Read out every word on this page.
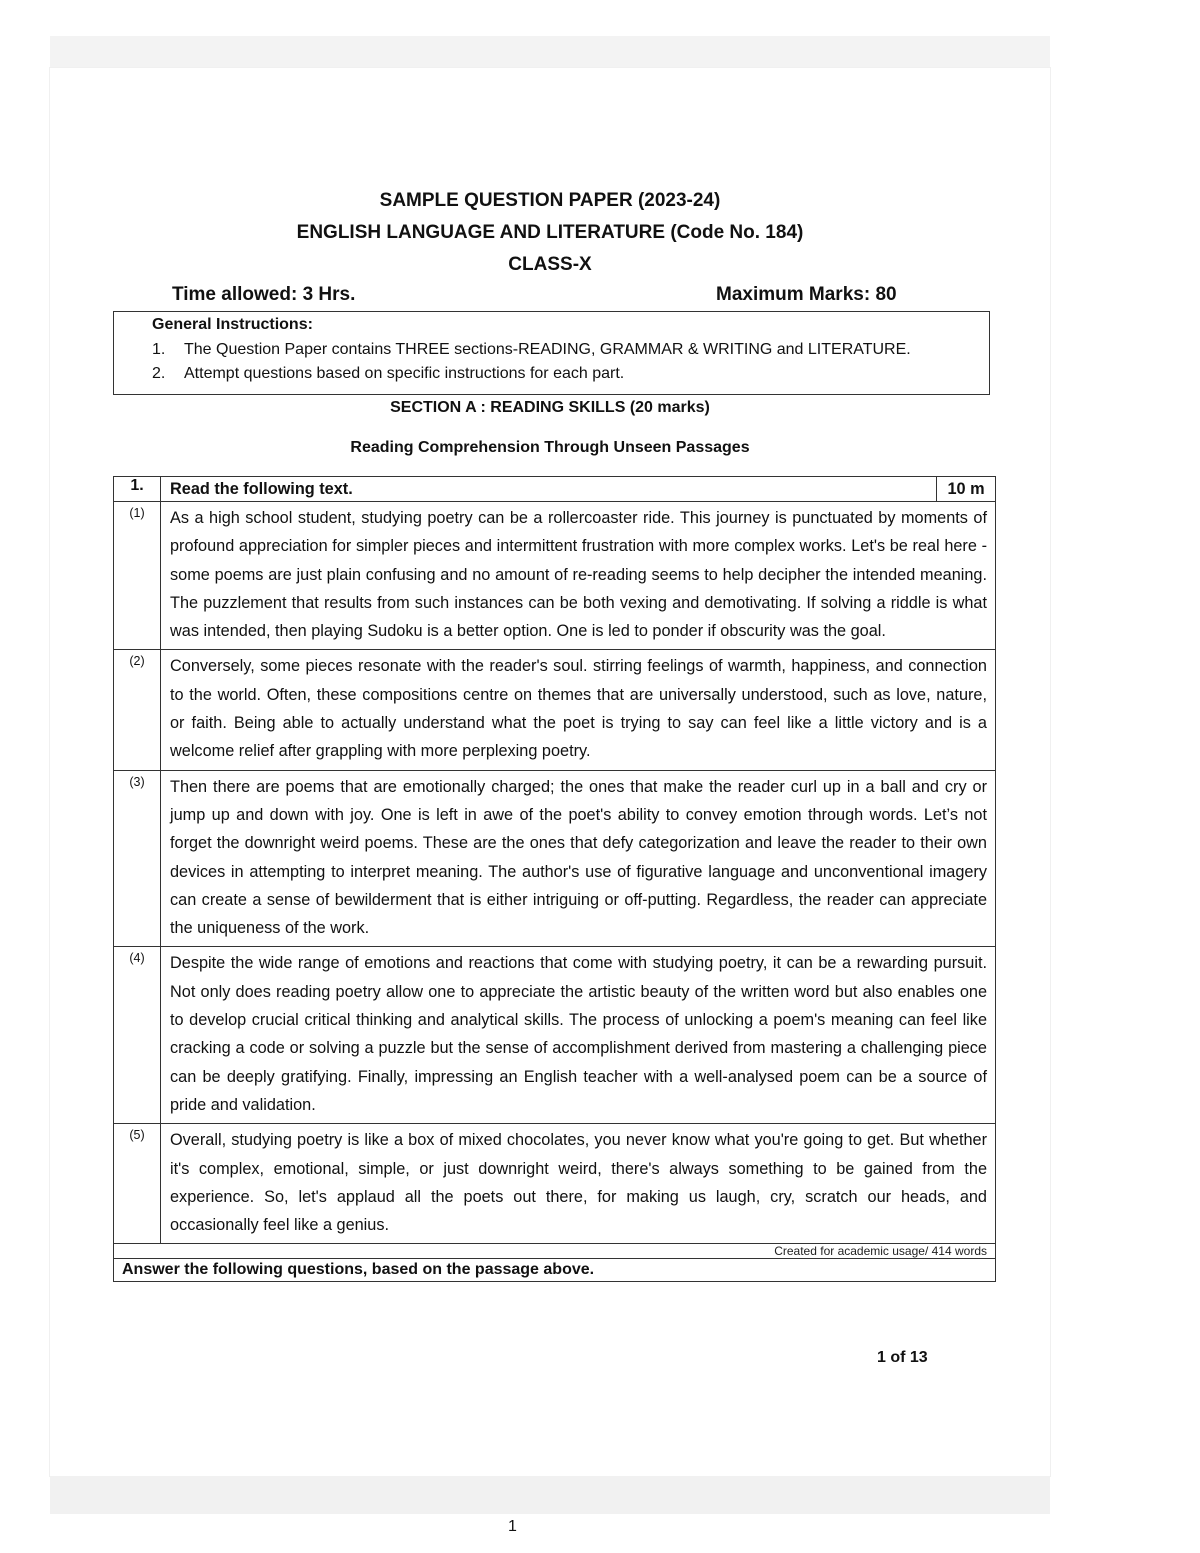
SAMPLE QUESTION PAPER (2023-24)
ENGLISH LANGUAGE AND LITERATURE (Code No. 184)
CLASS-X
Time allowed: 3 Hrs.	Maximum Marks: 80
General Instructions:
1. The Question Paper contains THREE sections-READING, GRAMMAR & WRITING and LITERATURE.
2. Attempt questions based on specific instructions for each part.
SECTION A : READING SKILLS (20 marks)
Reading Comprehension Through Unseen Passages
1.	Read the following text.	10 m

(1)	As a high school student, studying poetry can be a rollercoaster ride. This journey is punctuated by moments of profound appreciation for simpler pieces and intermittent frustration with more complex works. Let's be real here - some poems are just plain confusing and no amount of re-reading seems to help decipher the intended meaning. The puzzlement that results from such instances can be both vexing and demotivating. If solving a riddle is what was intended, then playing Sudoku is a better option. One is led to ponder if obscurity was the goal.	

(2)	Conversely, some pieces resonate with the reader's soul. stirring feelings of warmth, happiness, and connection to the world. Often, these compositions centre on themes that are universally understood, such as love, nature, or faith. Being able to actually understand what the poet is trying to say can feel like a little victory and is a welcome relief after grappling with more perplexing poetry.	

(3)	Then there are poems that are emotionally charged; the ones that make the reader curl up in a ball and cry or jump up and down with joy. One is left in awe of the poet's ability to convey emotion through words. Let’s not forget the downright weird poems. These are the ones that defy categorization and leave the reader to their own devices in attempting to interpret meaning. The author's use of figurative language and unconventional imagery can create a sense of bewilderment that is either intriguing or off-putting. Regardless, the reader can appreciate the uniqueness of the work.	

(4)	Despite the wide range of emotions and reactions that come with studying poetry, it can be a rewarding pursuit. Not only does reading poetry allow one to appreciate the artistic beauty of the written word but also enables one to develop crucial critical thinking and analytical skills. The process of unlocking a poem's meaning can feel like cracking a code or solving a puzzle but the sense of accomplishment derived from mastering a challenging piece can be deeply gratifying. Finally, impressing an English teacher with a well-analysed poem can be a source of pride and validation.	

(5)	Overall, studying poetry is like a box of mixed chocolates, you never know what you're going to get. But whether it's complex, emotional, simple, or just downright weird, there's always something to be gained from the experience. So, let's applaud all the poets out there, for making us laugh, cry, scratch our heads, and occasionally feel like a genius.	
Created for academic usage/ 414 words		
Answer the following questions, based on the passage above.		
1 of 13
1
